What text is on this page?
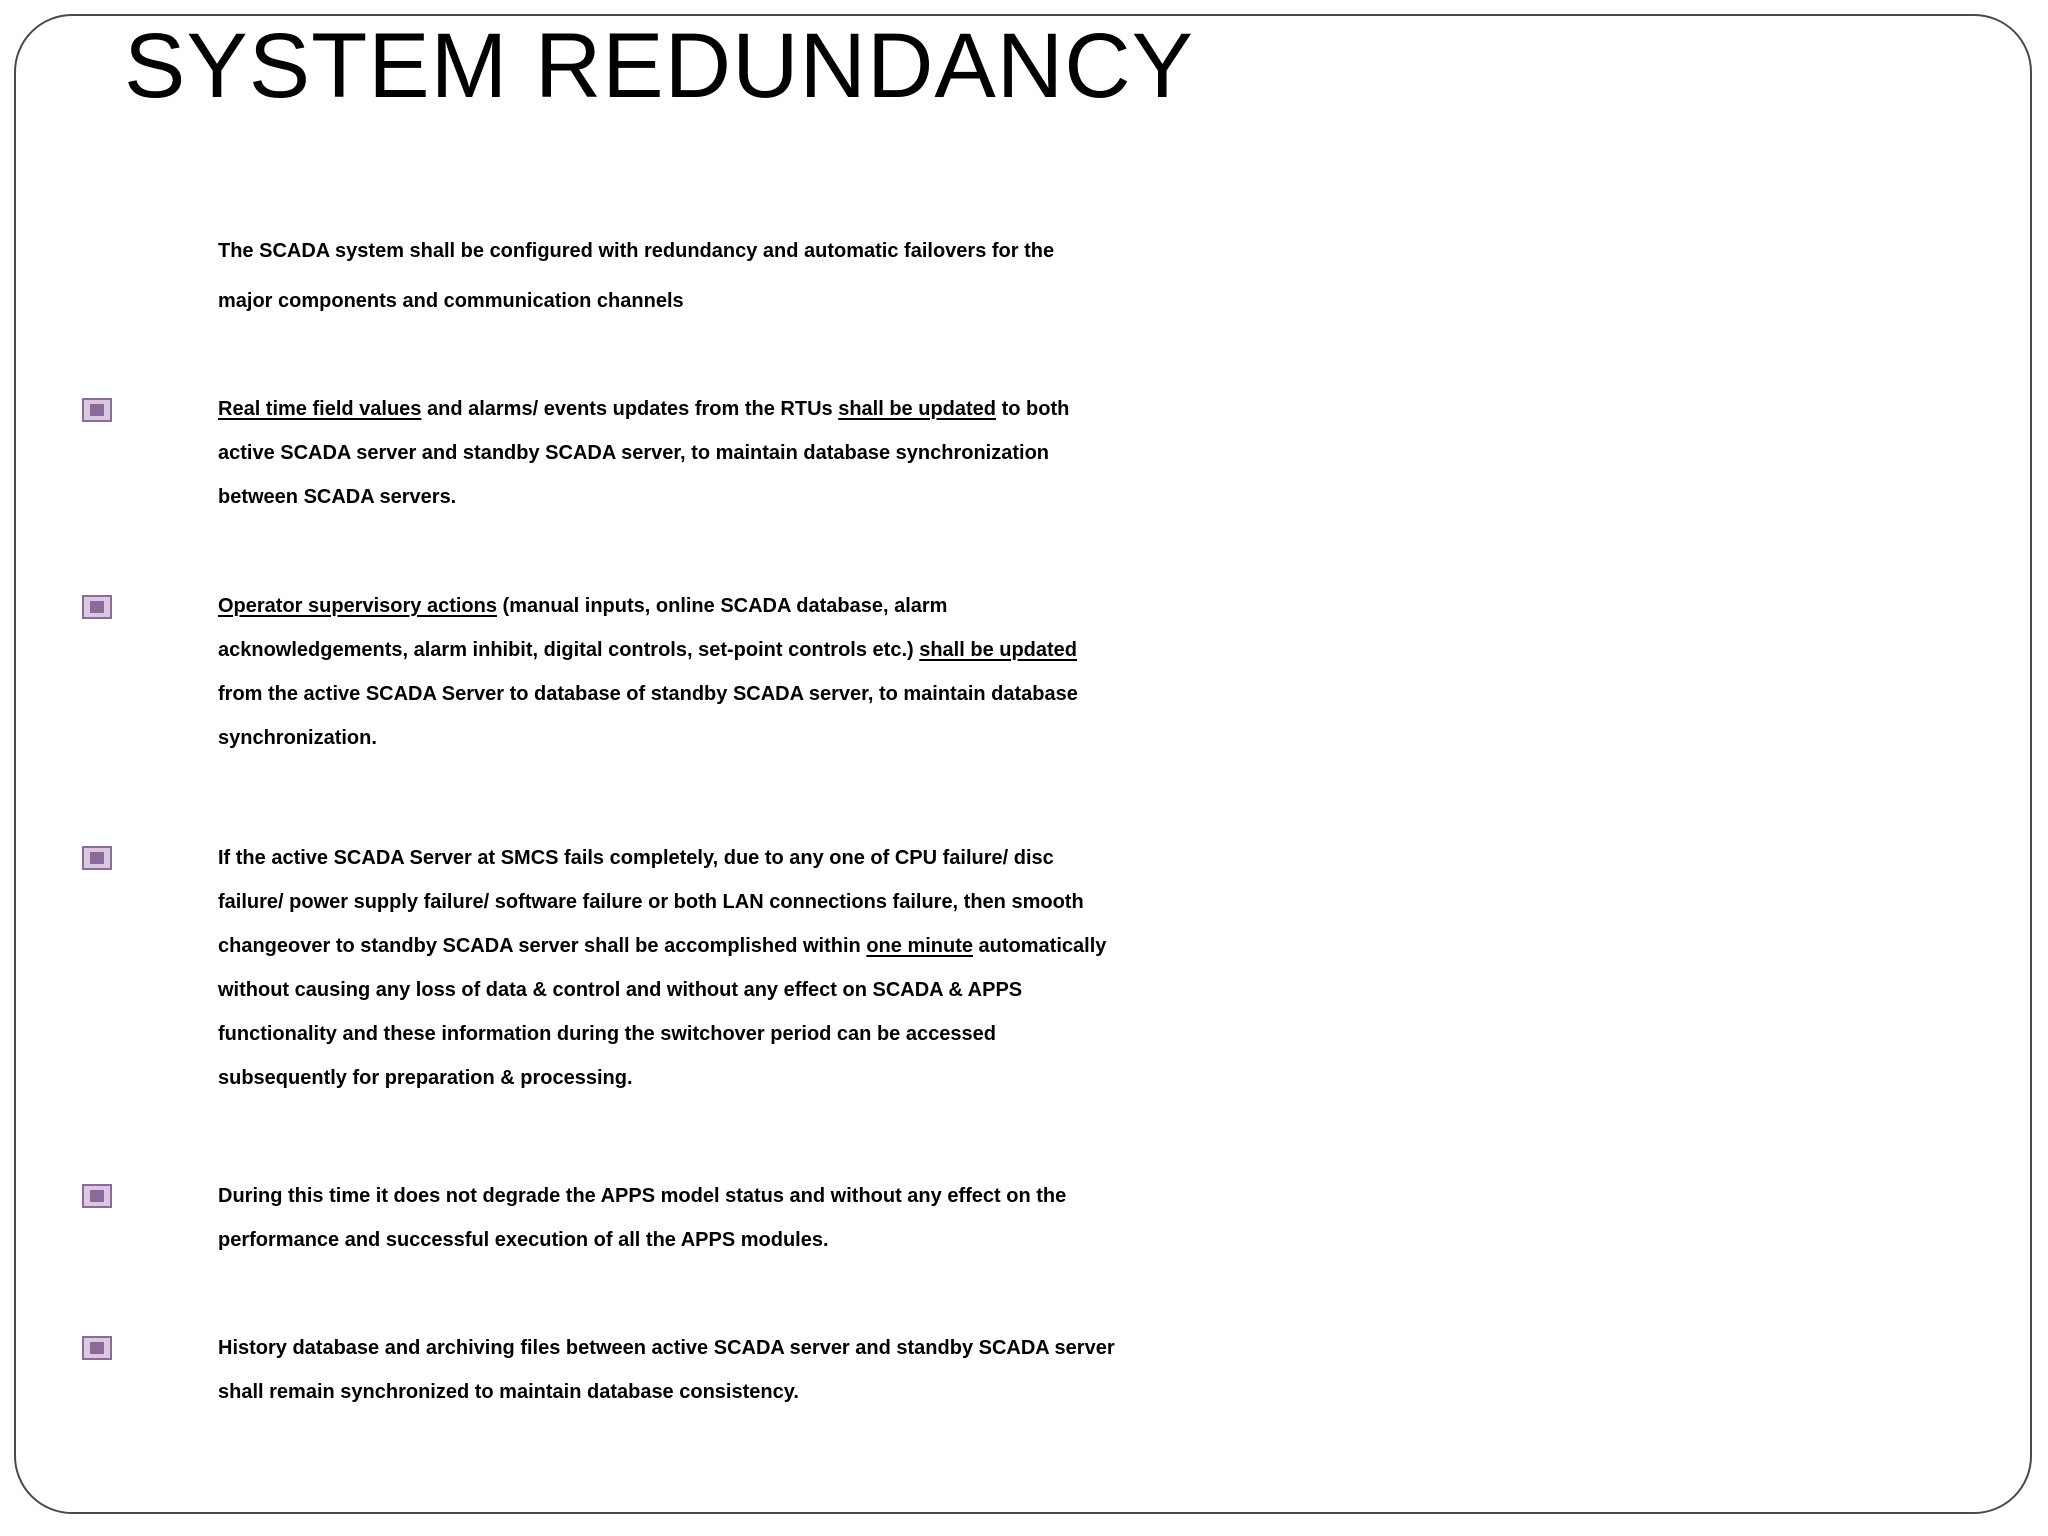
SYSTEM REDUNDANCY
The SCADA system shall be configured with redundancy and automatic failovers for the
major components and communication channels
Real time field values and alarms/ events updates from the RTUs shall be updated to both
active SCADA server and standby SCADA server, to maintain database synchronization
between SCADA servers.
Operator supervisory actions (manual inputs, online SCADA database, alarm
acknowledgements, alarm inhibit, digital controls, set-point controls etc.) shall be updated
from the active SCADA Server to database of standby SCADA server, to maintain database
synchronization.
If the active SCADA Server at SMCS fails completely, due to any one of CPU failure/ disc
failure/ power supply failure/ software failure or both LAN connections failure, then smooth
changeover to standby SCADA server shall be accomplished within one minute automatically
without causing any loss of data & control and without any effect on SCADA & APPS
functionality and these information during the switchover period can be accessed
subsequently for preparation & processing.
During this time it does not degrade the APPS model status and without any effect on the
performance and successful execution of all the APPS modules.
History database and archiving files between active SCADA server and standby SCADA server
shall remain synchronized to maintain database consistency.
